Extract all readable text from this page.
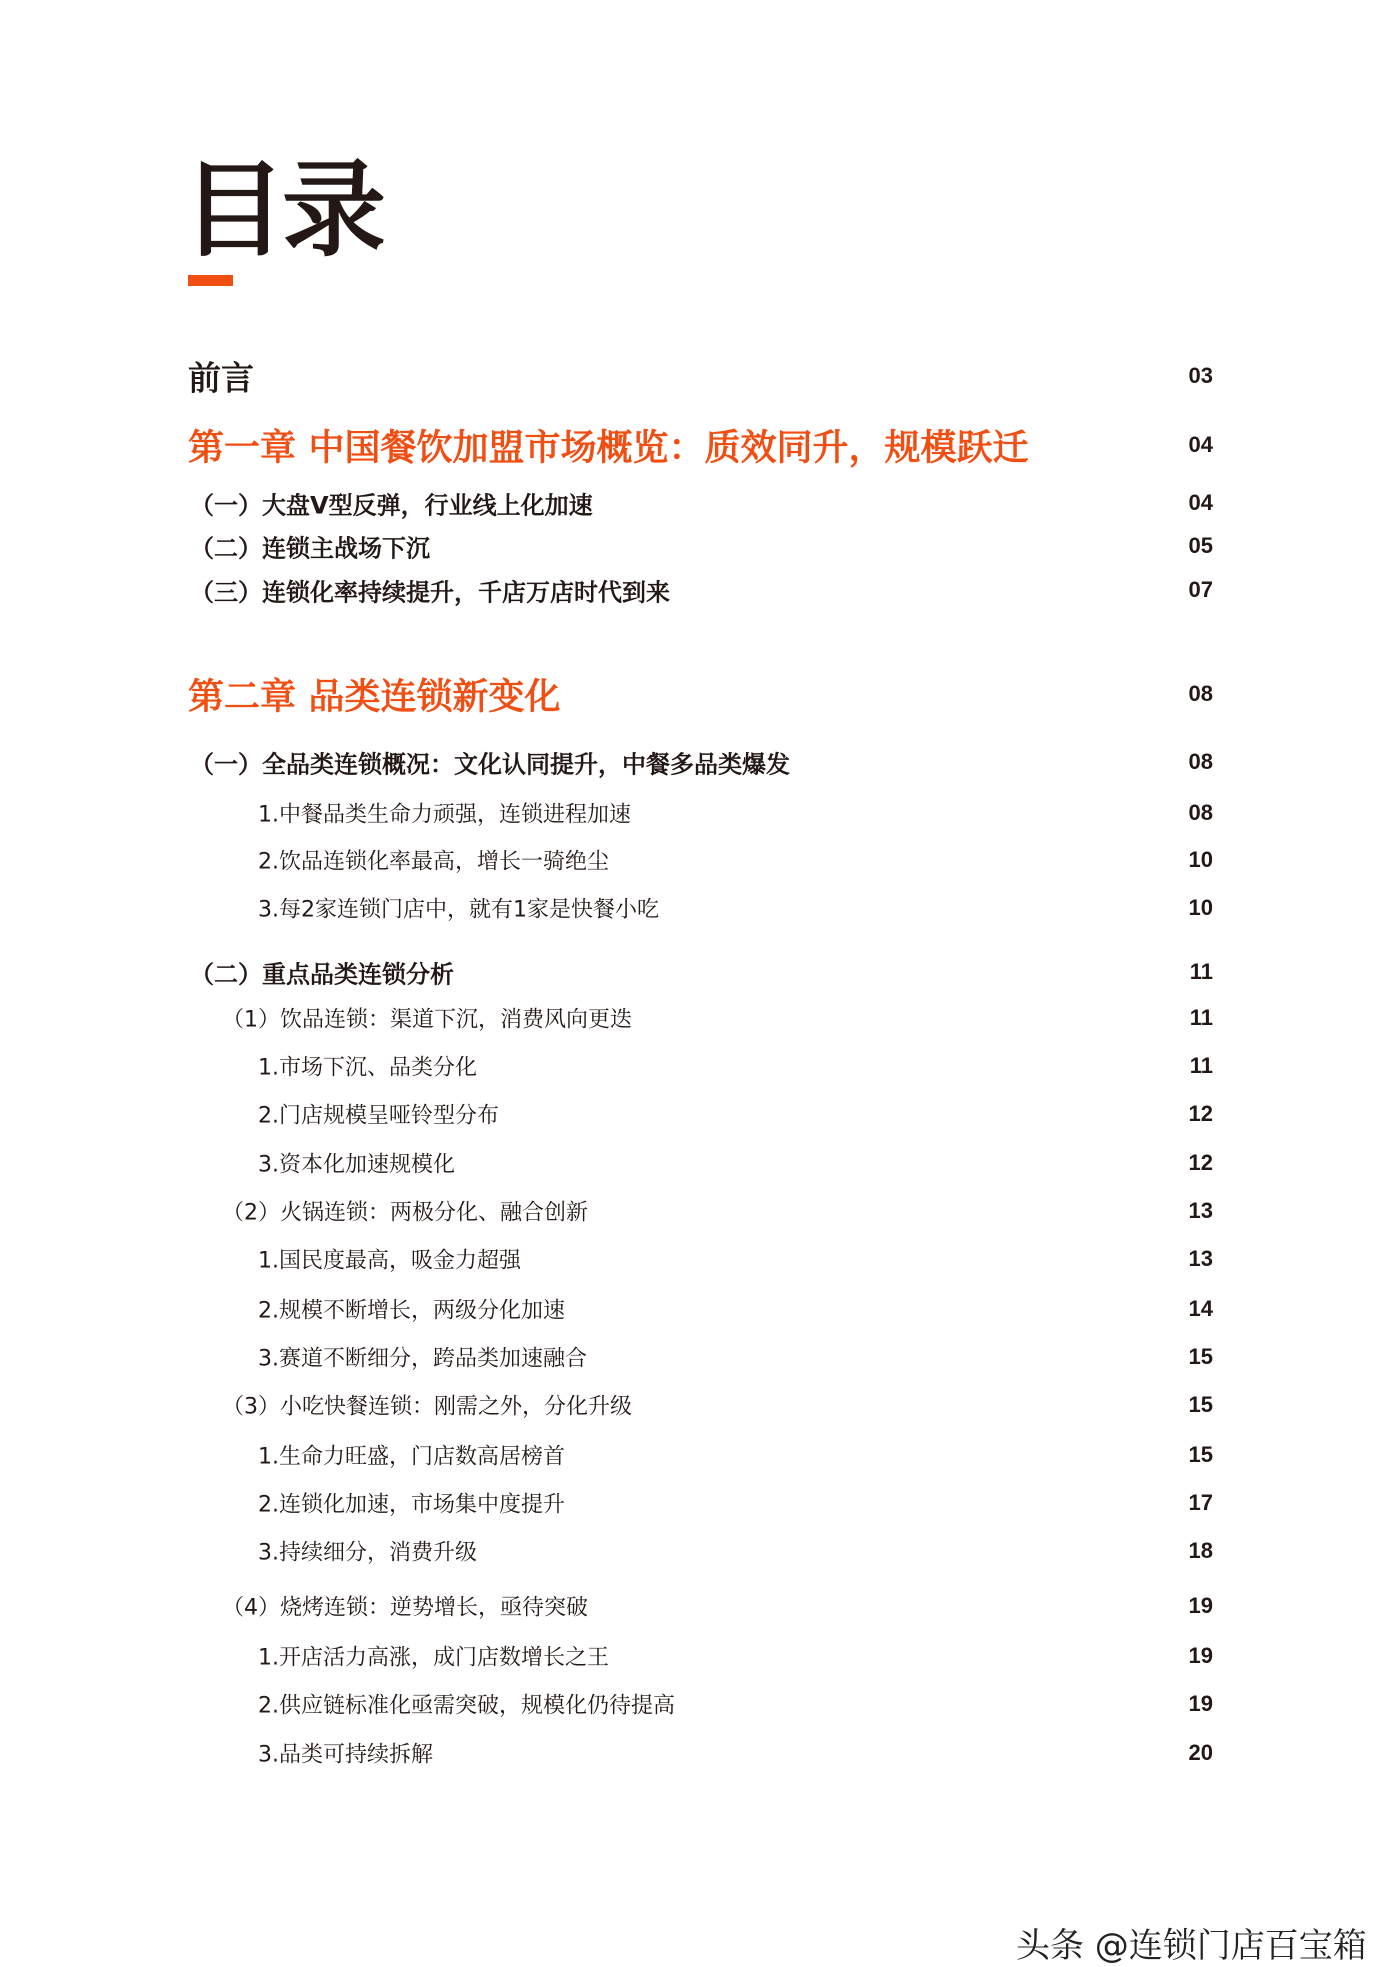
目录
前言	03
第一章 中国餐饮加盟市场概览：质效同升，规模跃迁	04
（一）大盘V型反弹，行业线上化加速	04
（二）连锁主战场下沉	05
（三）连锁化率持续提升，千店万店时代到来	07
第二章 品类连锁新变化	08
（一）全品类连锁概况：文化认同提升，中餐多品类爆发	08
1.中餐品类生命力顽强，连锁进程加速	08
2.饮品连锁化率最高，增长一骑绝尘	10
3.每2家连锁门店中，就有1家是快餐小吃	10
（二）重点品类连锁分析	11
（1）饮品连锁：渠道下沉，消费风向更迭	11
1.市场下沉、品类分化	11
2.门店规模呈哑铃型分布	12
3.资本化加速规模化	12
（2）火锅连锁：两极分化、融合创新	13
1.国民度最高，吸金力超强	13
2.规模不断增长，两级分化加速	14
3.赛道不断细分，跨品类加速融合	15
（3）小吃快餐连锁：刚需之外，分化升级	15
1.生命力旺盛，门店数高居榜首	15
2.连锁化加速，市场集中度提升	17
3.持续细分，消费升级	18
（4）烧烤连锁：逆势增长，亟待突破	19
1.开店活力高涨，成门店数增长之王	19
2.供应链标准化亟需突破，规模化仍待提高	19
3.品类可持续拆解	20
头条 @连锁门店百宝箱
